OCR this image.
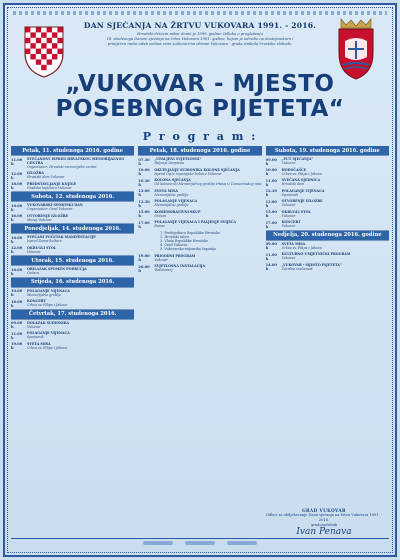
DAN SJEĆANJA NA ŽRTVU VUKOVARA 1991. - 2016.

Hrvatski državni sabor donio je 1999. godine Odluku o proglašenju

18. studenoga Danom sjećanja na žrtvu Vukovara 1991. godine, kojom je odredio na dostojanstven i

primjeren način odati počast svim sudionicima obrane Vukovara - grada simbola hrvatske slobode.

„VUKOVAR - MJESTO
POSEBNOG PIJETETA“
P r o g r a m :
Petak, 11. studenoga 2016. godine
11.00 h
SVEČANOST ISPRED HRVATSKOG MEMORIJALNOG CENTRA
Organizator: Hrvatski memorijalni centar
12.00 h
IZLOŽBA
Hrvatski dom Vukovar
18.00 h
PREDSTAVLJANJE KNJIGE
Gradska knjižnica Vukovar
Subota, 12. studenoga 2016.
10.00 h
VUKOVARSKI SPORTSKI DAN
Organizator: Grad Vukovar
16.00 h
OTVORENJE IZLOŽBE
Muzej Vukovar
Ponedjeljak, 14. studenoga 2016.
10.00 h
SVEČANI POČETAK MANIFESTACIJE
Ispred Doma kulture
12.00 h
OKRUGLI STOL
Vukovar
Utorak, 15. studenoga 2016.
10.00 h
OBILAZAK SPOMEN PODRUČJA
Ovčara
Srijeda, 16. studenoga 2016.
10.00 h
POLAGANJE VIJENACA
Memorijalno groblje
18.00 h
KONCERT
Crkva sv. Filipa i Jakova
Četvrtak, 17. studenoga 2016.
09.00 h
DOLAZAK SUDIONIKA
Vukovar
11.00 h
POLAGANJE VIJENACA
Spomenik
19.00 h
SVETA MISA
Crkva sv. Filipa i Jakova
Petak, 18. studenoga 2016. godine
07.30 h
„UPALJENI SVJETLOSNI“
Paljenje lampiona
10.00 h
OKUPLJANJE SUDIONIKA KOLONE SJEĆANJA
Ispred Opće županijske bolnice Vukovar
10.30 h
KOLONA SJEĆANJA
Od bolnice do Memorijalnog groblja žrtava iz Domovinskog rata
12.00 h
SVETA MISA
Memorijalno groblje
13.30 h
POLAGANJE VIJENACA
Memorijalno groblje
15.00 h
KOMEMORATIVNI SKUP
Ovčara
17.00 h
POLAGANJE VIJENACA I PALJENJE SVIJEĆA
Dunav
1. Predsjednica Republike Hrvatske
2. Hrvatski sabor
3. Vlada Republike Hrvatske
4. Grad Vukovar
5. Vukovarsko-srijemska županija
19.00 h
PRIGODNI PROGRAM
Vukovar
20.00 h
SVJETLOSNA INSTALACIJA
Vodotoranj
Subota, 19. studenoga 2016. godine
09.00 h
„PUT SJEĆANJA“
Vukovar
10.00 h
HODOČAŠĆE
Crkva sv. Filipa i Jakova
11.00 h
SVEČANA SJEDNICA
Hrvatski dom
12.30 h
POLAGANJE VIJENACA
Spomenik
13.00 h
OTVORENJE IZLOŽBE
Vukovar
15.00 h
OKRUGLI STOL
Vukovar
17.00 h
KONCERT
Vukovar
Nedjelja, 20. studenoga 2016. godine
09.00 h
SVETA MISA
Crkva sv. Filipa i Jakova
11.00 h
KULTURNO-UMJETNIČKI PROGRAM
Vukovar
14.00 h
„VUKOVAR - MJESTO PIJETETA“
Završna svečanost
GRAD VUKOVAR
Odbor za obilježavanje Dana sjećanja na žrtvu Vukovara 1991. - 2016.
gradonačelnik
Ivan Penava
